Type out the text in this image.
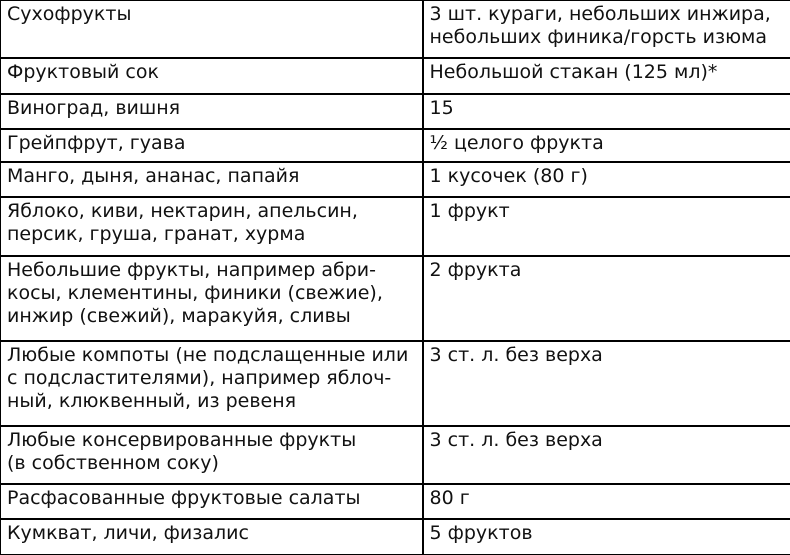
Сухофрукты	3 шт. кураги, небольших инжира,
небольших финика/горсть изюма
Фруктовый сок	Небольшой стакан (125 мл)*
Виноград, вишня	15
Грейпфрут, гуава	½ целого фрукта
Манго, дыня, ананас, папайя	1 кусочек (80 г)
Яблоко, киви, нектарин, апельсин,
персик, груша, гранат, хурма	1 фрукт
Небольшие фрукты, например абри-
косы, клементины, финики (свежие),
инжир (свежий), маракуйя, сливы	2 фрукта
Любые компоты (не подслащенные или
с подсластителями), например яблоч-
ный, клюквенный, из ревеня	3 ст. л. без верха
Любые консервированные фрукты
(в собственном соку)	3 ст. л. без верха
Расфасованные фруктовые салаты	80 г
Кумкват, личи, физалис	5 фруктов
